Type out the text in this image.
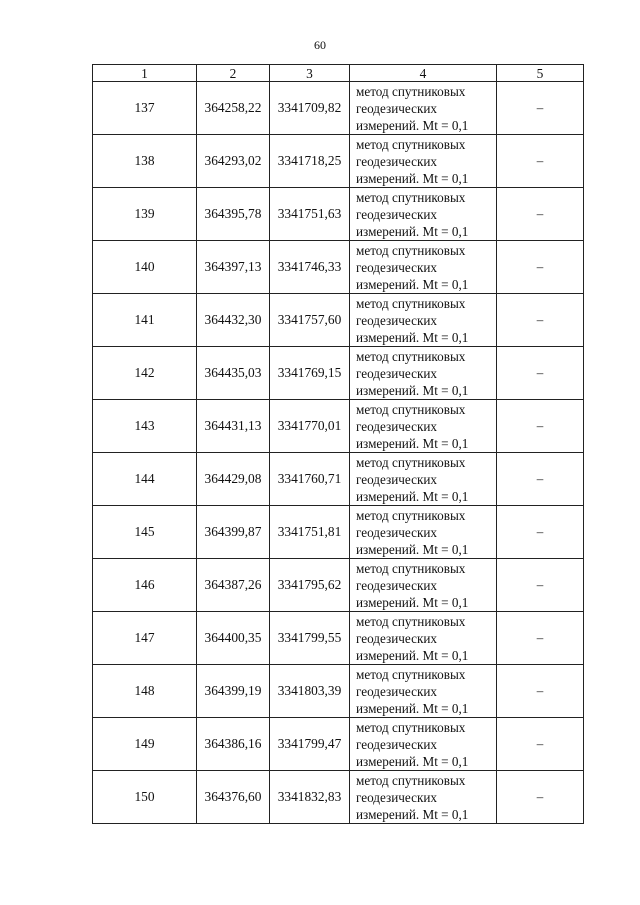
60
1	2	3	4	5
137	364258,22	3341709,82	метод спутниковых
геодезических
измерений. Mt = 0,1	–
138	364293,02	3341718,25	метод спутниковых
геодезических
измерений. Mt = 0,1	–
139	364395,78	3341751,63	метод спутниковых
геодезических
измерений. Mt = 0,1	–
140	364397,13	3341746,33	метод спутниковых
геодезических
измерений. Mt = 0,1	–
141	364432,30	3341757,60	метод спутниковых
геодезических
измерений. Mt = 0,1	–
142	364435,03	3341769,15	метод спутниковых
геодезических
измерений. Mt = 0,1	–
143	364431,13	3341770,01	метод спутниковых
геодезических
измерений. Mt = 0,1	–
144	364429,08	3341760,71	метод спутниковых
геодезических
измерений. Mt = 0,1	–
145	364399,87	3341751,81	метод спутниковых
геодезических
измерений. Mt = 0,1	–
146	364387,26	3341795,62	метод спутниковых
геодезических
измерений. Mt = 0,1	–
147	364400,35	3341799,55	метод спутниковых
геодезических
измерений. Mt = 0,1	–
148	364399,19	3341803,39	метод спутниковых
геодезических
измерений. Mt = 0,1	–
149	364386,16	3341799,47	метод спутниковых
геодезических
измерений. Mt = 0,1	–
150	364376,60	3341832,83	метод спутниковых
геодезических
измерений. Mt = 0,1	–
